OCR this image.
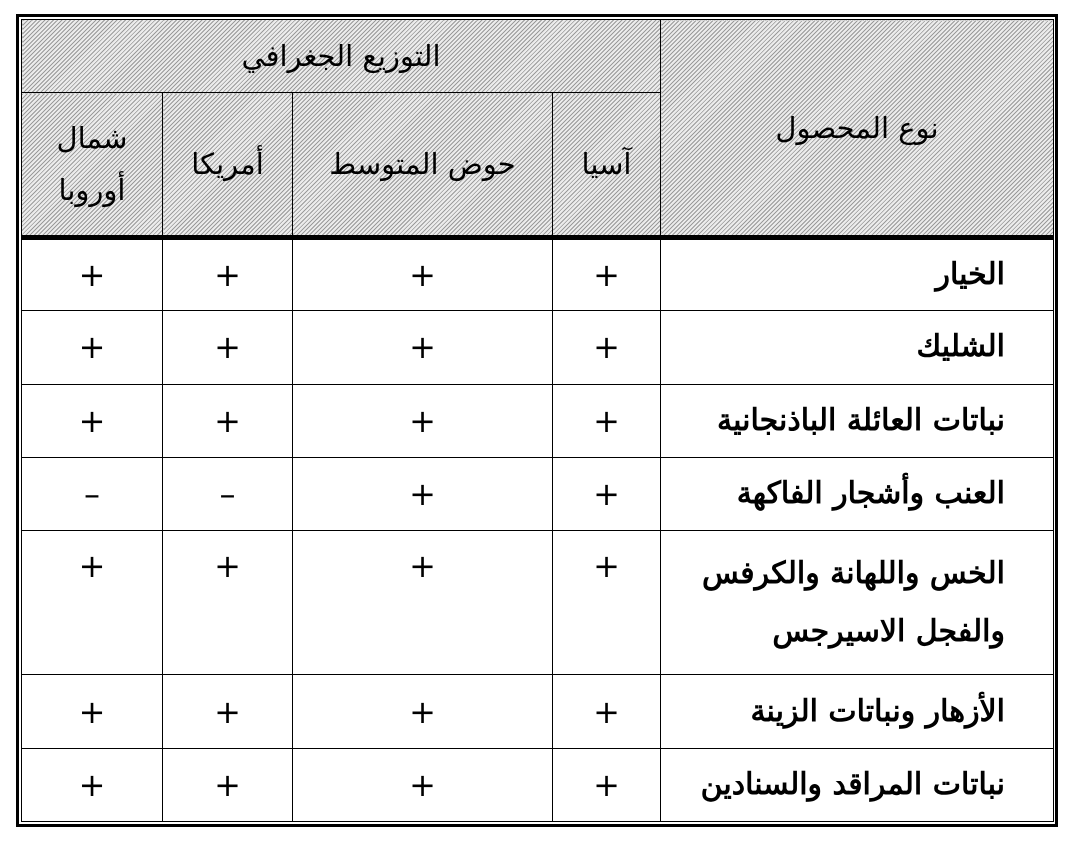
نوع المحصول	التوزيع الجغرافي			
	آسيا	حوض المتوسط	أمريكا	شمال أوروبا
الخيار	+	+	+	+
الشليك	+	+	+	+
نباتات العائلة الباذنجانية	+	+	+	+
العنب وأشجار الفاكهة	+	+	–	–
الخس واللهانة والكرفس والفجل الاسيرجس	+	+	+	+
الأزهار ونباتات الزينة	+	+	+	+
نباتات المراقد والسنادين	+	+	+	+
